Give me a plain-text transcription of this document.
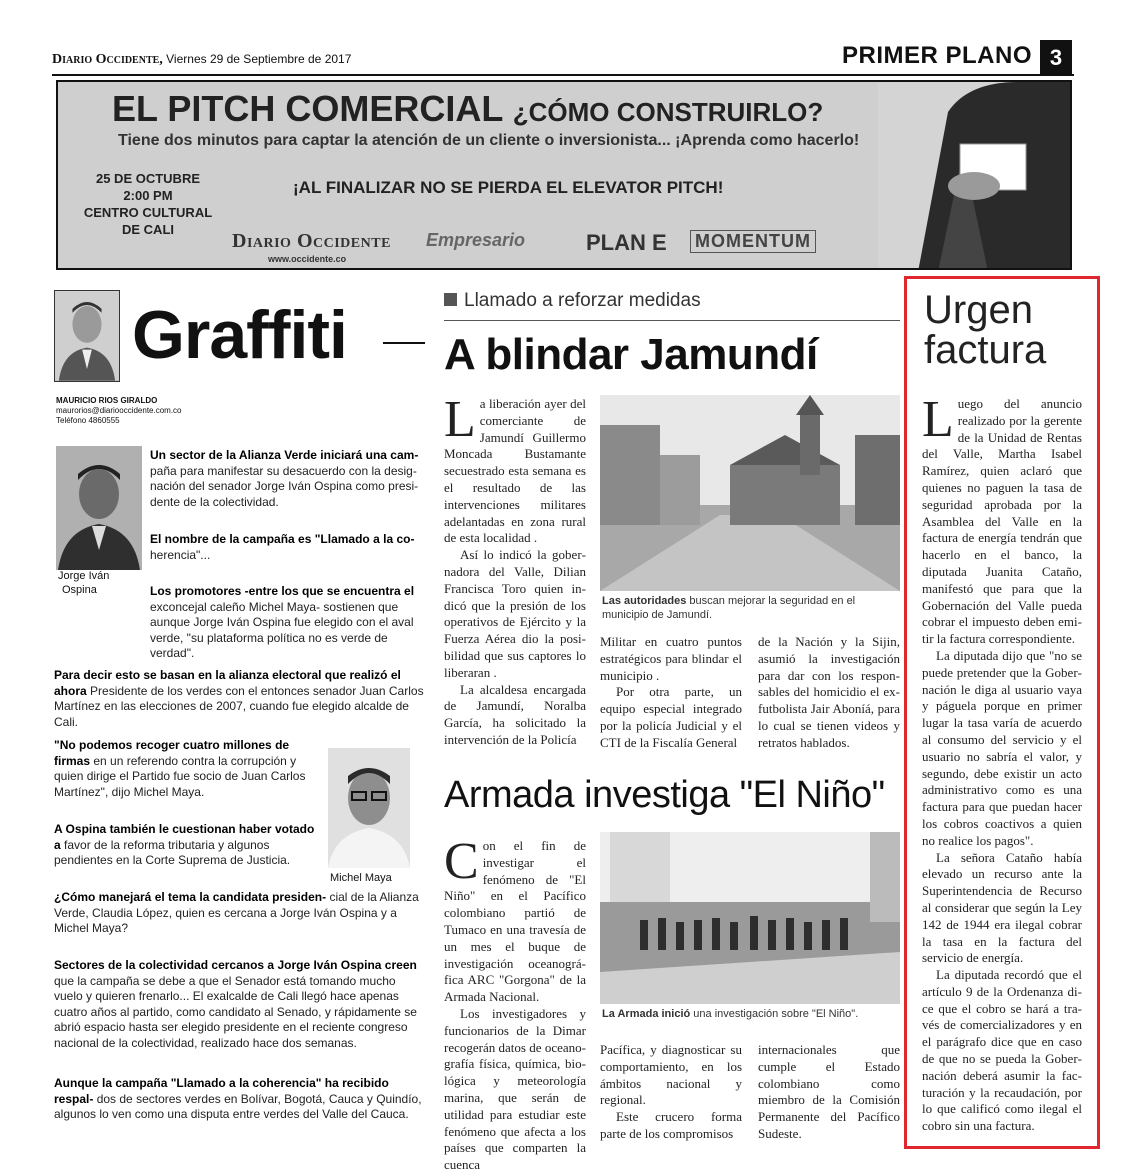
Diario Occidente, Viernes 29 de Septiembre de 2017	PRIMER PLANO 3
EL PITCH COMERCIAL ¿CÓMO CONSTRUIRLO?
Tiene dos minutos para captar la atención de un cliente o inversionista... ¡Aprenda como hacerlo!
25 DE OCTUBRE
2:00 PM
CENTRO CULTURAL
DE CALI
¡AL FINALIZAR NO SE PIERDA EL ELEVATOR PITCH!
Diario Occidente
www.occidente.co
Empresario	PLAN E MOMENTUM
Graffiti
MAURICIO RIOS GIRALDO
maurorios@diariooccidente.com.co
Teléfono 4860555
Jorge Iván
Ospina
Un sector de la Alianza Verde iniciará una cam- paña para manifestar su desacuerdo con la designación del senador Jorge Iván Ospina como presidente de la colectividad.
El nombre de la campaña es "Llamado a la co- herencia"...
Los promotores -entre los que se encuentra el exconcejal caleño Michel Maya- sostienen que aunque Jorge Iván Ospina fue elegido con el aval verde, "su plataforma política no es verde de verdad".
Para decir esto se basan en la alianza electoral que realizó el ahora Presidente de los verdes con el entonces senador Juan Carlos Martínez en las elecciones de 2007, cuando fue elegido alcalde de Cali.
"No podemos recoger cuatro millones de firmas en un referendo contra la corrupción y quien dirige el Partido fue socio de Juan Carlos Martínez", dijo Michel Maya.
Michel Maya
A Ospina también le cuestionan haber votado a favor de la reforma tributaria y algunos pendientes en la Corte Suprema de Justicia.
¿Cómo manejará el tema la candidata presiden- cial de la Alianza Verde, Claudia López, quien es cercana a Jorge Iván Ospina y a Michel Maya?
Sectores de la colectividad cercanos a Jorge Iván Ospina creen que la campaña se debe a que el Senador está tomando mucho vuelo y quieren frenarlo... El exalcalde de Cali llegó hace apenas cuatro años al partido, como candidato al Senado, y rápidamente se abrió espacio hasta ser elegido presidente en el reciente congreso nacional de la colectividad, realizado hace dos semanas.
Aunque la campaña "Llamado a la coherencia" ha recibido respal- dos de sectores verdes en Bolívar, Bogotá, Cauca y Quindío, algunos lo ven como una disputa entre verdes del Valle del Cauca.
Llamado a reforzar medidas
A blindar Jamundí
L a liberación ayer del comerciante de Jamundí Guillermo Moncada Bustamante secuestrado esta semana es el resultado de las intervenciones militares adelantadas en zona rural de esta localidad .

Así lo indicó la gobernadora del Valle, Dilian Francisca Toro quien indicó que la presión de los operativos de Ejército y la Fuerza Aérea dio la posibilidad que sus captores lo liberaran .

La alcaldesa encargada de Jamundí, Noralba García, ha solicitado la intervención de la Policía

Las autoridades buscan mejorar la seguridad en el municipio de Jamundí.
Militar en cuatro puntos estratégicos para blindar el municipio .

Por otra parte, un equipo especial integrado por la policía Judicial y el CTI de la Fiscalía General

de la Nación y la Sijin, asumió la investigación para dar con los responsables del homicidio el exfutbolista Jair Aboníá, para lo cual se tienen videos y retratos hablados.
Armada investiga "El Niño"
C on el fin de investigar el fenómeno de "El Niño" en el Pacífico colombiano partió de Tumaco en una travesía de un mes el buque de investigación oceanográfica ARC "Gorgona" de la Armada Nacional.

Los investigadores y funcionarios de la Dimar recogerán datos de oceanografía física, química, biológica y meteorología marina, que serán de utilidad para estudiar este fenómeno que afecta a los países que comparten la cuenca

La Armada inició una investigación sobre "El Niño".
Pacífica, y diagnosticar su comportamiento, en los ámbitos nacional y regional.

Este crucero forma parte de los compromisos

internacionales que cumple el Estado colombiano como miembro de la Comisión Permanente del Pacífico Sudeste.
Urgen
factura
L uego del anuncio realizado por la gerente de la Unidad de Rentas del Valle, Martha Isabel Ramírez, quien aclaró que quienes no paguen la tasa de seguridad aprobada por la Asamblea del Valle en la factura de energía tendrán que hacerlo en el banco, la diputada Juanita Cataño, manifestó que para que la Gobernación del Valle pueda cobrar el impuesto deben emitir la factura correspondiente.

La diputada dijo que "no se puede pretender que la Gobernación le diga al usuario vaya y páguela porque en primer lugar la tasa varía de acuerdo al consumo del servicio y el usuario no sabría el valor, y segundo, debe existir un acto administrativo como es una factura para que puedan hacer los cobros coactivos a quien no realice los pagos".

La señora Cataño había elevado un recurso ante la Superintendencia de Recurso al considerar que según la Ley 142 de 1944 era ilegal cobrar la tasa en la factura del servicio de energía.

La diputada recordó que el artículo 9 de la Ordenanza dice que el cobro se hará a través de comercializadores y en el parágrafo dice que en caso de que no se pueda la Gobernación deberá asumir la facturación y la recaudación, por lo que calificó como ilegal el cobro sin una factura.
